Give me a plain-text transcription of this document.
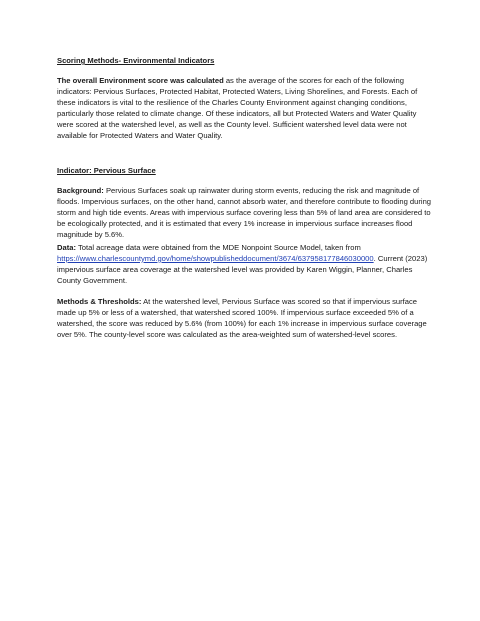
Scoring Methods- Environmental Indicators
The overall Environment score was calculated as the average of the scores for each of the following indicators: Pervious Surfaces, Protected Habitat, Protected Waters, Living Shorelines, and Forests. Each of these indicators is vital to the resilience of the Charles County Environment against changing conditions, particularly those related to climate change. Of these indicators, all but Protected Waters and Water Quality were scored at the watershed level, as well as the County level. Sufficient watershed level data were not available for Protected Waters and Water Quality.
Indicator: Pervious Surface
Background: Pervious Surfaces soak up rainwater during storm events, reducing the risk and magnitude of floods. Impervious surfaces, on the other hand, cannot absorb water, and therefore contribute to flooding during storm and high tide events. Areas with impervious surface covering less than 5% of land area are considered to be ecologically protected, and it is estimated that every 1% increase in impervious surface increases flood magnitude by 5.6%.
Data: Total acreage data were obtained from the MDE Nonpoint Source Model, taken from https://www.charlescountymd.gov/home/showpublisheddocument/3674/637958177846030000. Current (2023) impervious surface area coverage at the watershed level was provided by Karen Wiggin, Planner, Charles County Government.
Methods & Thresholds: At the watershed level, Pervious Surface was scored so that if impervious surface made up 5% or less of a watershed, that watershed scored 100%. If impervious surface exceeded 5% of a watershed, the score was reduced by 5.6% (from 100%) for each 1% increase in impervious surface coverage over 5%. The county-level score was calculated as the area-weighted sum of watershed-level scores.
